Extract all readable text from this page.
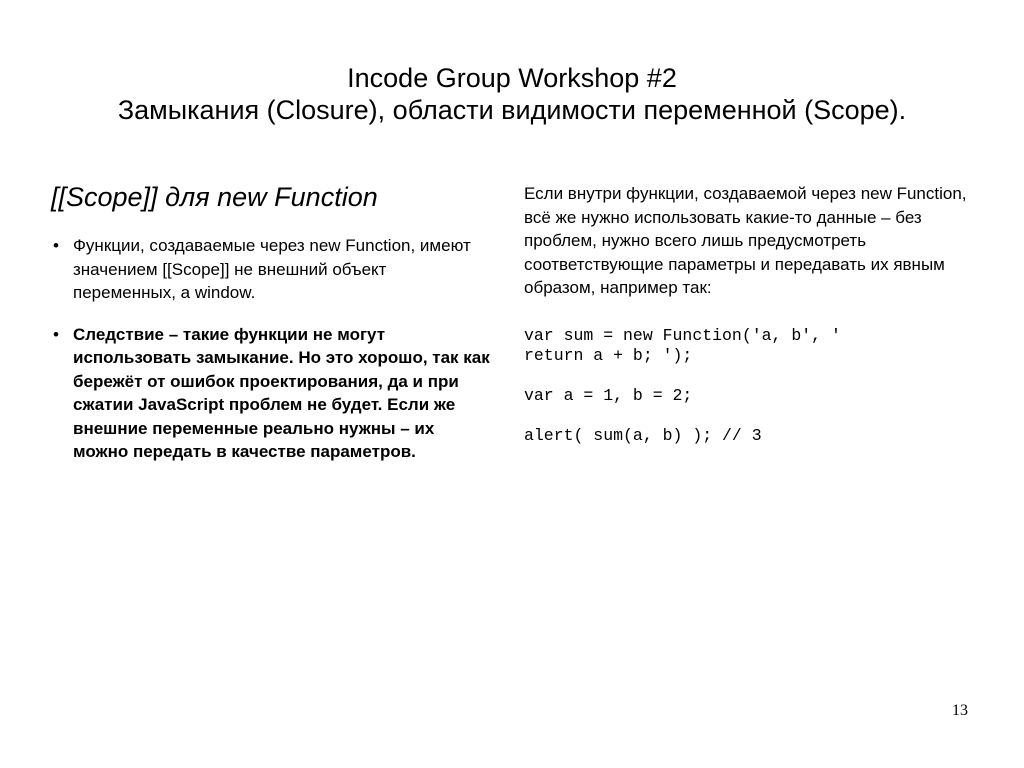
Incode Group Workshop #2
Замыкания (Closure), области видимости переменной (Scope).
[[Scope]] для new Function
• Функции, создаваемые через new Function, имеют значением [[Scope]] не внешний объект переменных, а window.
• Следствие – такие функции не могут использовать замыкание. Но это хорошо, так как бережёт от ошибок проектирования, да и при сжатии JavaScript проблем не будет. Если же внешние переменные реально нужны – их можно передать в качестве параметров.

Если внутри функции, создаваемой через new Function, всё же нужно использовать какие-то данные – без проблем, нужно всего лишь предусмотреть соответствующие параметры и передавать их явным образом, например так:

var sum = new Function('a, b', '
return a + b; ');
var a = 1, b = 2;
alert( sum(a, b) ); // 3
13
